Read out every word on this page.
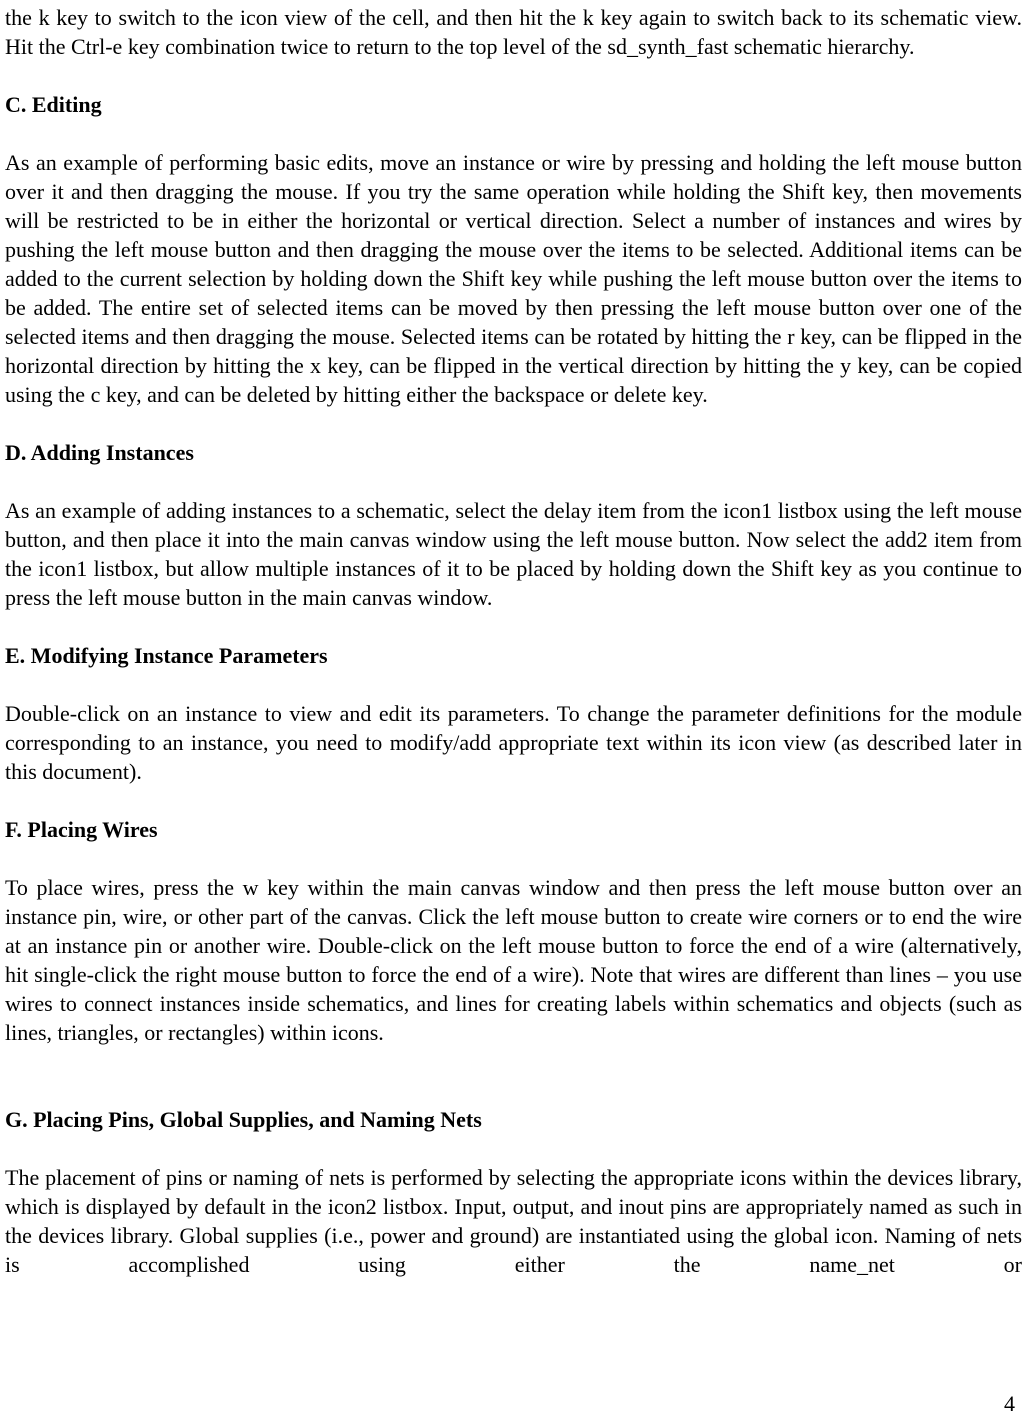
the k key to switch to the icon view of the cell, and then hit the k key again to switch back to its schematic view. Hit the Ctrl-e key combination twice to return to the top level of the sd_synth_fast schematic hierarchy.

C. Editing

As an example of performing basic edits, move an instance or wire by pressing and holding the left mouse button over it and then dragging the mouse. If you try the same operation while holding the Shift key, then movements will be restricted to be in either the horizontal or vertical direction. Select a number of instances and wires by pushing the left mouse button and then dragging the mouse over the items to be selected. Additional items can be added to the current selection by holding down the Shift key while pushing the left mouse button over the items to be added. The entire set of selected items can be moved by then pressing the left mouse button over one of the selected items and then dragging the mouse. Selected items can be rotated by hitting the r key, can be flipped in the horizontal direction by hitting the x key, can be flipped in the vertical direction by hitting the y key, can be copied using the c key, and can be deleted by hitting either the backspace or delete key.

D. Adding Instances

As an example of adding instances to a schematic, select the delay item from the icon1 listbox using the left mouse button, and then place it into the main canvas window using the left mouse button. Now select the add2 item from the icon1 listbox, but allow multiple instances of it to be placed by holding down the Shift key as you continue to press the left mouse button in the main canvas window.

E. Modifying Instance Parameters

Double-click on an instance to view and edit its parameters. To change the parameter definitions for the module corresponding to an instance, you need to modify/add appropriate text within its icon view (as described later in this document).

F. Placing Wires

To place wires, press the w key within the main canvas window and then press the left mouse button over an instance pin, wire, or other part of the canvas. Click the left mouse button to create wire corners or to end the wire at an instance pin or another wire. Double-click on the left mouse button to force the end of a wire (alternatively, hit single-click the right mouse button to force the end of a wire). Note that wires are different than lines – you use wires to connect instances inside schematics, and lines for creating labels within schematics and objects (such as lines, triangles, or rectangles) within icons.

G. Placing Pins, Global Supplies, and Naming Nets

The placement of pins or naming of nets is performed by selecting the appropriate icons within the devices library, which is displayed by default in the icon2 listbox. Input, output, and inout pins are appropriately named as such in the devices library. Global supplies (i.e., power and ground) are instantiated using the global icon. Naming of nets is accomplished using either the name_net or

4
